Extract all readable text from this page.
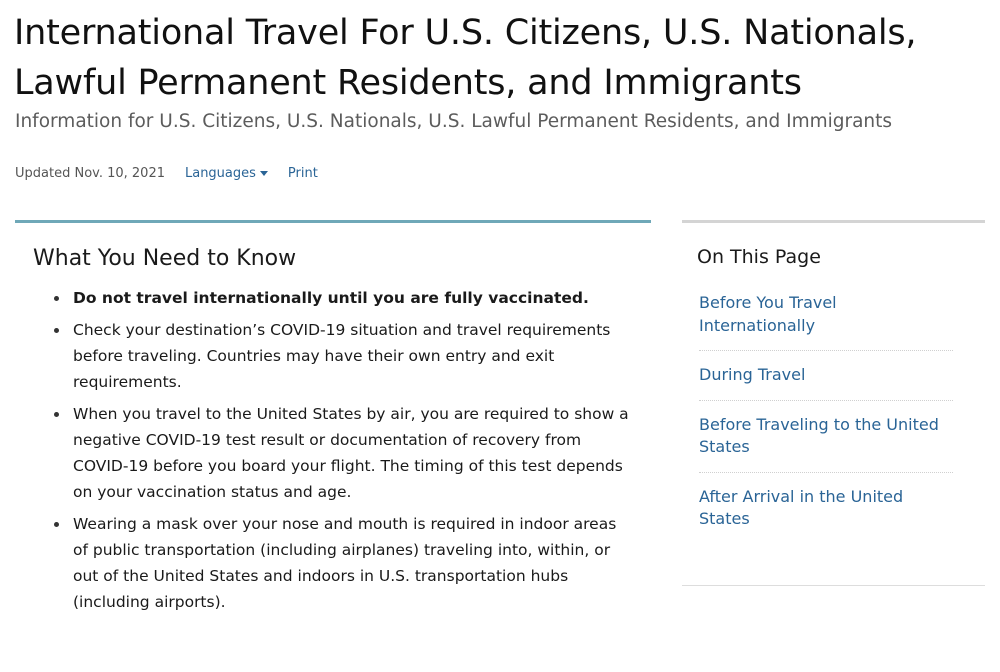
International Travel For U.S. Citizens, U.S. Nationals, Lawful Permanent Residents, and Immigrants

Information for U.S. Citizens, U.S. Nationals, U.S. Lawful Permanent Residents, and Immigrants

Updated Nov. 10, 2021 Languages Print
What You Need to Know
Do not travel internationally until you are fully vaccinated.
Check your destination’s COVID-19 situation and travel requirements before traveling. Countries may have their own entry and exit requirements.
When you travel to the United States by air, you are required to show a negative COVID-19 test result or documentation of recovery from COVID-19 before you board your flight. The timing of this test depends on your vaccination status and age.
Wearing a mask over your nose and mouth is required in indoor areas of public transportation (including airplanes) traveling into, within, or out of the United States and indoors in U.S. transportation hubs (including airports).
On This Page
Before You Travel Internationally
During Travel
Before Traveling to the United States
After Arrival in the United States
